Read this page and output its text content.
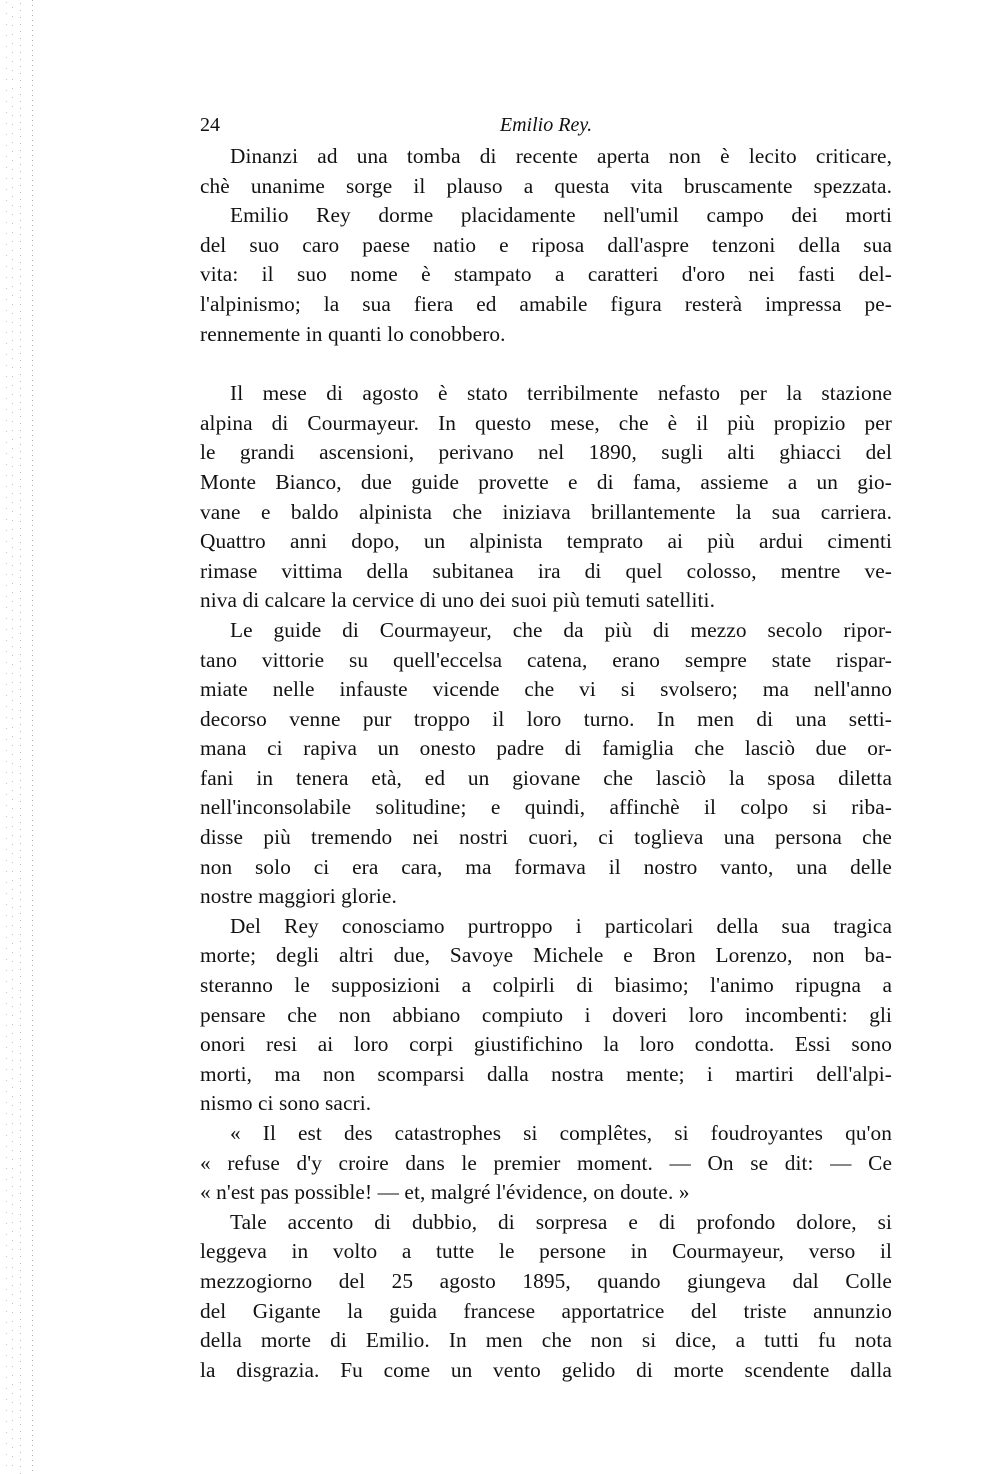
24	Emilio Rey.

Dinanzi ad una tomba di recente aperta non è lecito criticare,
chè unanime sorge il plauso a questa vita bruscamente spezzata.

Emilio Rey dorme placidamente nell'umil campo dei morti
del suo caro paese natio e riposa dall'aspre tenzoni della sua
vita: il suo nome è stampato a caratteri d'oro nei fasti del-
l'alpinismo; la sua fiera ed amabile figura resterà impressa pe-
rennemente in quanti lo conobbero.

Il mese di agosto è stato terribilmente nefasto per la stazione
alpina di Courmayeur. In questo mese, che è il più propizio per
le grandi ascensioni, perivano nel 1890, sugli alti ghiacci del
Monte Bianco, due guide provette e di fama, assieme a un gio-
vane e baldo alpinista che iniziava brillantemente la sua carriera.
Quattro anni dopo, un alpinista temprato ai più ardui cimenti
rimase vittima della subitanea ira di quel colosso, mentre ve-
niva di calcare la cervice di uno dei suoi più temuti satelliti.

Le guide di Courmayeur, che da più di mezzo secolo ripor-
tano vittorie su quell'eccelsa catena, erano sempre state rispar-
miate nelle infauste vicende che vi si svolsero; ma nell'anno
decorso venne pur troppo il loro turno. In men di una setti-
mana ci rapiva un onesto padre di famiglia che lasciò due or-
fani in tenera età, ed un giovane che lasciò la sposa diletta
nell'inconsolabile solitudine; e quindi, affinchè il colpo si riba-
disse più tremendo nei nostri cuori, ci toglieva una persona che
non solo ci era cara, ma formava il nostro vanto, una delle
nostre maggiori glorie.

Del Rey conosciamo purtroppo i particolari della sua tragica
morte; degli altri due, Savoye Michele e Bron Lorenzo, non ba-
steranno le supposizioni a colpirli di biasimo; l'animo ripugna a
pensare che non abbiano compiuto i doveri loro incombenti: gli
onori resi ai loro corpi giustifichino la loro condotta. Essi sono
morti, ma non scomparsi dalla nostra mente; i martiri dell'alpi-
nismo ci sono sacri.

« Il est des catastrophes si complêtes, si foudroyantes qu'on
« refuse d'y croire dans le premier moment. — On se dit: — Ce
« n'est pas possible! — et, malgré l'évidence, on doute. »

Tale accento di dubbio, di sorpresa e di profondo dolore, si
leggeva in volto a tutte le persone in Courmayeur, verso il
mezzogiorno del 25 agosto 1895, quando giungeva dal Colle
del Gigante la guida francese apportatrice del triste annunzio
della morte di Emilio. In men che non si dice, a tutti fu nota
la disgrazia. Fu come un vento gelido di morte scendente dalla
